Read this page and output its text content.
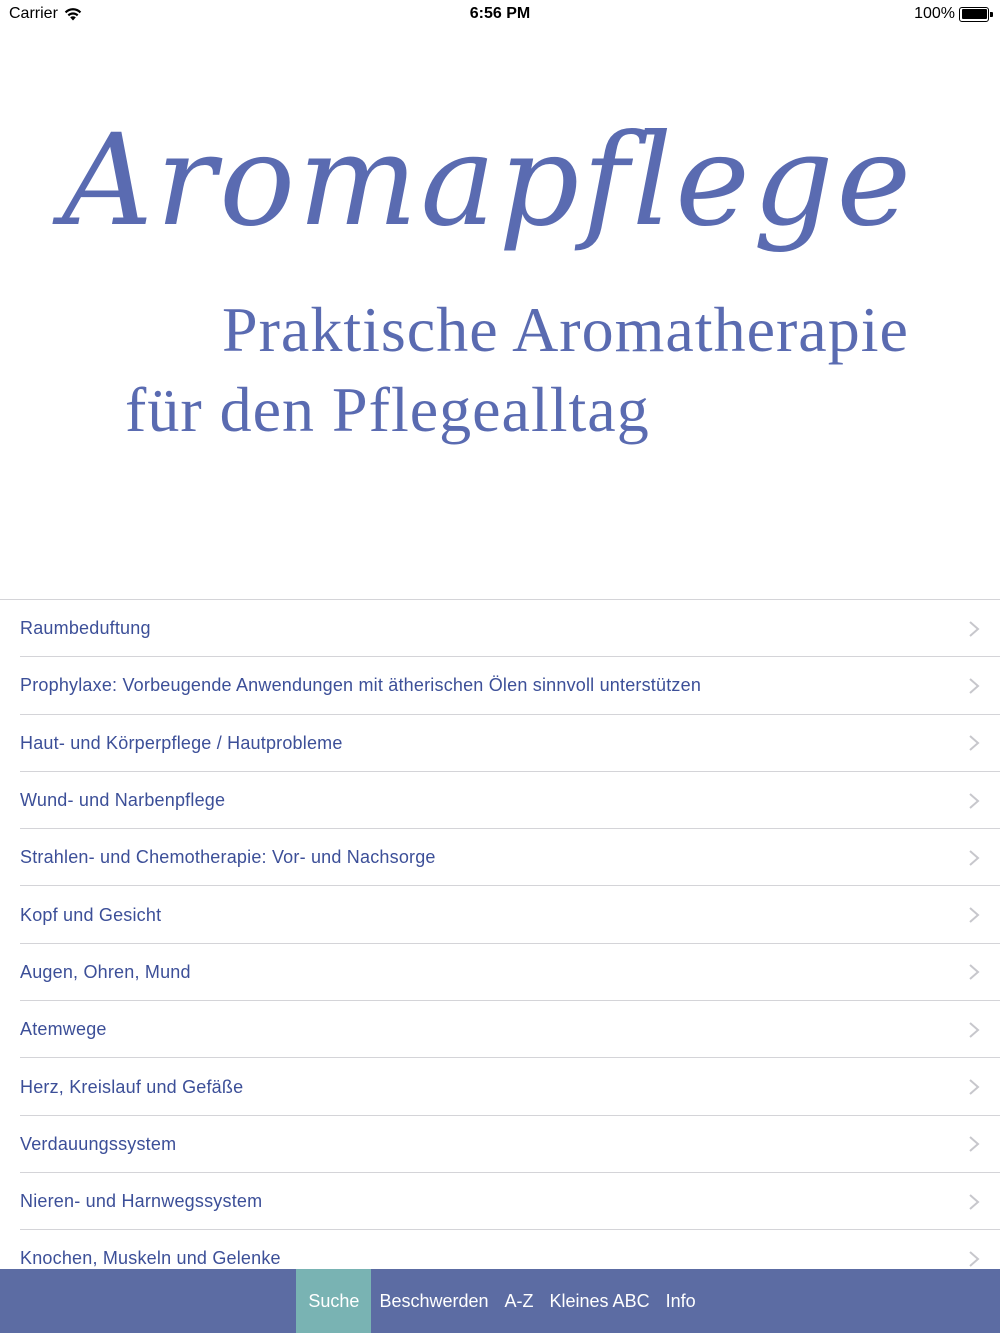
Carrier	6:56 PM	100%
Aromapflege
Praktische Aromatherapie
für den Pflegealltag
Raumbeduftung
Prophylaxe: Vorbeugende Anwendungen mit ätherischen Ölen sinnvoll unterstützen
Haut- und Körperpflege / Hautprobleme
Wund- und Narbenpflege
Strahlen- und Chemotherapie: Vor- und Nachsorge
Kopf und Gesicht
Augen, Ohren, Mund
Atemwege
Herz, Kreislauf und Gefäße
Verdauungssystem
Nieren- und Harnwegssystem
Knochen, Muskeln und Gelenke
Suche	Beschwerden A-Z Kleines ABC Info
